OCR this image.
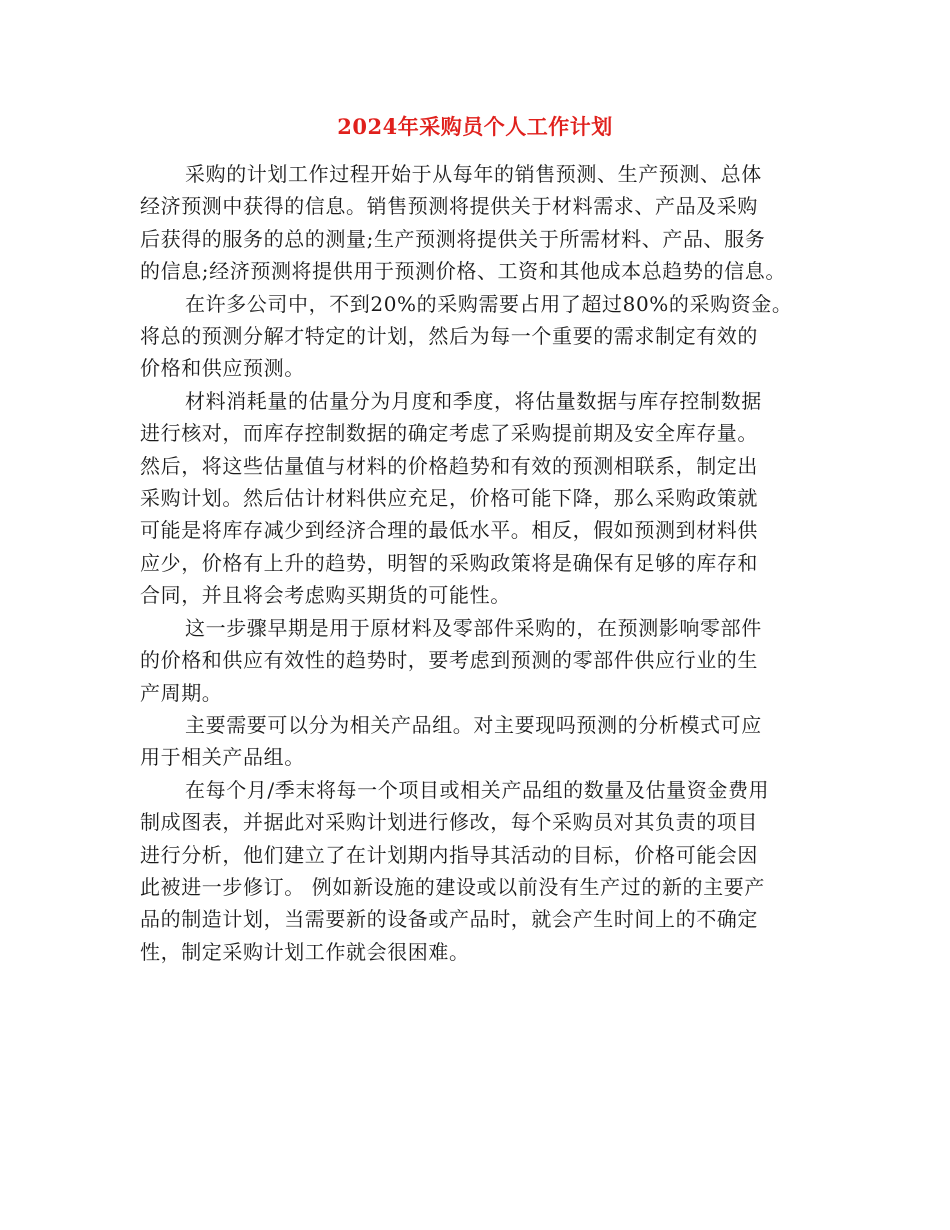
2024年采购员个人工作计划

采购的计划工作过程开始于从每年的销售预测、生产预测、总体
经济预测中获得的信息。销售预测将提供关于材料需求、产品及采购
后获得的服务的总的测量;生产预测将提供关于所需材料、产品、服务
的信息;经济预测将提供用于预测价格、工资和其他成本总趋势的信息。

在许多公司中，不到20%的采购需要占用了超过80%的采购资金。
将总的预测分解才特定的计划，然后为每一个重要的需求制定有效的
价格和供应预测。

材料消耗量的估量分为月度和季度，将估量数据与库存控制数据
进行核对，而库存控制数据的确定考虑了采购提前期及安全库存量。
然后，将这些估量值与材料的价格趋势和有效的预测相联系，制定出
采购计划。然后估计材料供应充足，价格可能下降，那么采购政策就
可能是将库存减少到经济合理的最低水平。相反，假如预测到材料供
应少，价格有上升的趋势，明智的采购政策将是确保有足够的库存和
合同，并且将会考虑购买期货的可能性。

这一步骤早期是用于原材料及零部件采购的，在预测影响零部件
的价格和供应有效性的趋势时，要考虑到预测的零部件供应行业的生
产周期。

主要需要可以分为相关产品组。对主要现吗预测的分析模式可应
用于相关产品组。

在每个月/季末将每一个项目或相关产品组的数量及估量资金费用
制成图表，并据此对采购计划进行修改，每个采购员对其负责的项目
进行分析，他们建立了在计划期内指导其活动的目标，价格可能会因
此被进一步修订。 例如新设施的建设或以前没有生产过的新的主要产
品的制造计划，当需要新的设备或产品时，就会产生时间上的不确定
性，制定采购计划工作就会很困难。
